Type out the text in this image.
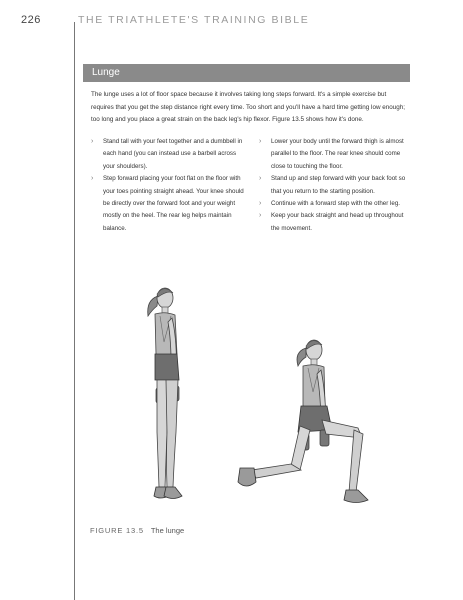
226	THE TRIATHLETE'S TRAINING BIBLE
Lunge
The lunge uses a lot of floor space because it involves taking long steps forward. It's a simple exercise but requires that you get the step distance right every time. Too short and you'll have a hard time getting low enough; too long and you place a great strain on the back leg's hip flexor. Figure 13.5 shows how it's done.
› Stand tall with your feet together and a dumbbell in each hand (you can instead use a barbell across your shoulders).
› Step forward placing your foot flat on the floor with your toes pointing straight ahead. Your knee should be directly over the forward foot and your weight mostly on the heel. The rear leg helps maintain balance.
› Lower your body until the forward thigh is almost parallel to the floor. The rear knee should come close to touching the floor.
› Stand up and step forward with your back foot so that you return to the starting position.
› Continue with a forward step with the other leg.
› Keep your back straight and head up throughout the movement.
FIGURE 13.5 The lunge
